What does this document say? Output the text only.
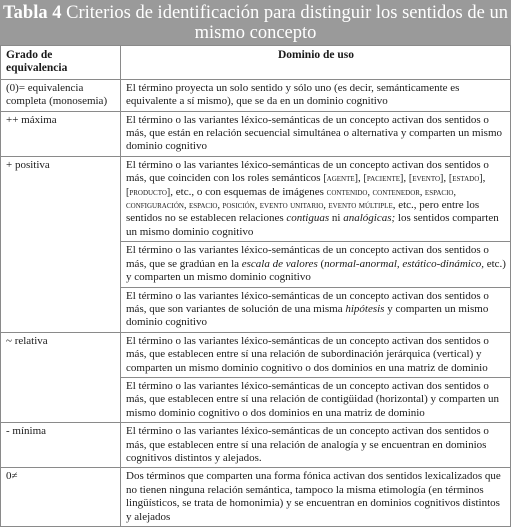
Tabla 4 Criterios de identificación para distinguir los sentidos de un mismo concepto
Grado de equivalencia	Dominio de uso
(0)= equivalencia completa (monosemia)	El término proyecta un solo sentido y sólo uno (es decir, semánticamente es equivalente a sí mismo), que se da en un dominio cognitivo
++ máxima	El término o las variantes léxico-semánticas de un concepto activan dos sentidos o más, que están en relación secuencial simultánea o alternativa y comparten un mismo dominio cognitivo
+ positiva	El término o las variantes léxico-semánticas de un concepto activan dos sentidos o más, que coinciden con los roles semánticos [agente], [paciente], [evento], [estado], [producto], etc., o con esquemas de imágenes contenido, contenedor, espacio, configuración, espacio, posición, evento unitario, evento múltiple, etc., pero entre los sentidos no se establecen relaciones contiguas ni analógicas; los sentidos comparten un mismo dominio cognitivo
	El término o las variantes léxico-semánticas de un concepto activan dos sentidos o más, que se gradúan en la escala de valores (normal-anormal, estático-dinámico, etc.) y comparten un mismo dominio cognitivo
	El término o las variantes léxico-semánticas de un concepto activan dos sentidos o más, que son variantes de solución de una misma hipótesis y comparten un mismo dominio cognitivo
~ relativa	El término o las variantes léxico-semánticas de un concepto activan dos sentidos o más, que establecen entre sí una relación de subordinación jerárquica (vertical) y comparten un mismo dominio cognitivo o dos dominios en una matriz de dominio
	El término o las variantes léxico-semánticas de un concepto activan dos sentidos o más, que establecen entre sí una relación de contigüidad (horizontal) y comparten un mismo dominio cognitivo o dos dominios en una matriz de dominio
- mínima	El término o las variantes léxico-semánticas de un concepto activan dos sentidos o más, que establecen entre sí una relación de analogía y se encuentran en dominios cognitivos distintos y alejados.
0≠	Dos términos que comparten una forma fónica activan dos sentidos lexicalizados que no tienen ninguna relación semántica, tampoco la misma etimología (en términos lingüísticos, se trata de homonimia) y se encuentran en dominios cognitivos distintos y alejados
